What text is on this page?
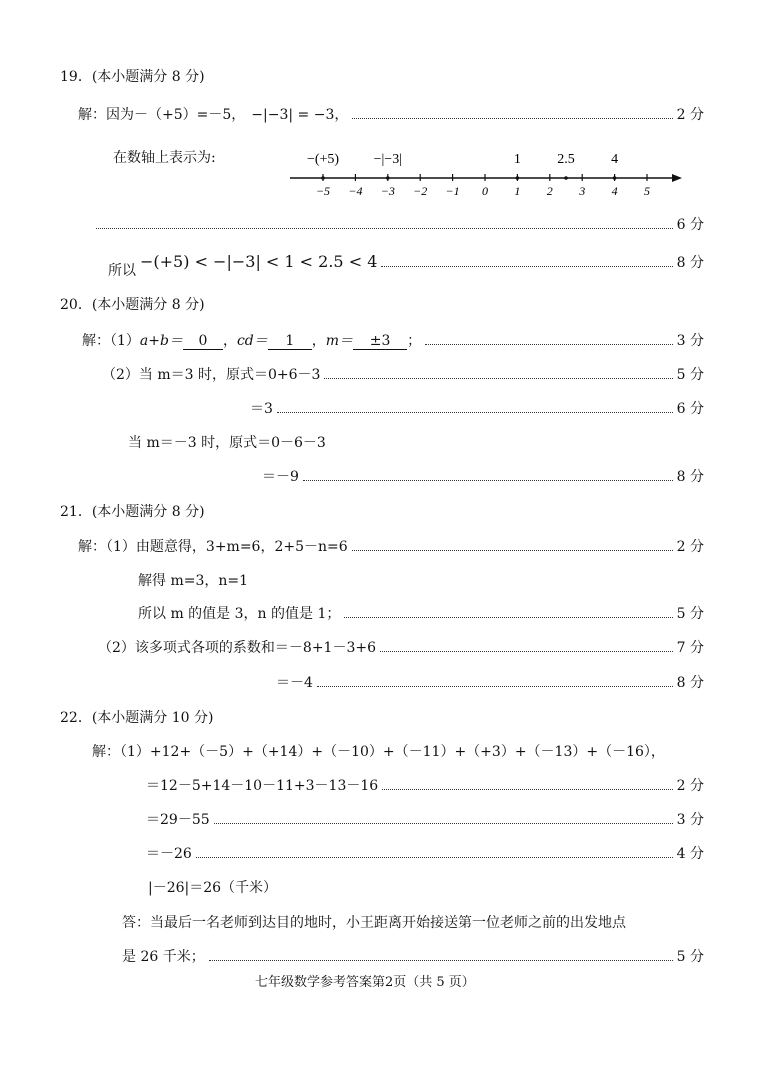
19．(本小题满分 8 分)
解：因为－（+5）=－5， −|−3| = −3，	2 分
在数轴上表示为:
−5 −4 −3 −2 −1 0 1 2 3 4 5
−(+5) −|−3|	1	2.5	4
6 分
所以 −(+5) < −|−3| < 1 < 2.5 < 4	8 分
20．(本小题满分 8 分)
解：（1） a+b＝	0	， cd＝	1	， m＝	±3	；	3 分
（2）当 m＝3 时，原式＝0+6－3	5 分
＝3	6 分
当 m＝－3 时，原式＝0－6－3
＝－9	8 分
21．(本小题满分 8 分)
解：（1）由题意得，3+m=6，2+5－n=6	2 分
解得 m=3，n=1
所以 m 的值是 3，n 的值是 1；	5 分
（2）该多项式各项的系数和＝－8+1－3+6	7 分
＝－4	8 分
22．(本小题满分 10 分)
解：（1）+12+（－5）+（+14）+（－10）+（－11）+（+3）+（－13）+（－16），
＝12－5+14－10－11+3－13－16	2 分
＝29－55	3 分
＝－26	4 分
|－26|＝26（千米）
答：当最后一名老师到达目的地时，小王距离开始接送第一位老师之前的出发地点
是 26 千米；	5 分
七年级数学参考答案第2页（共 5 页）
